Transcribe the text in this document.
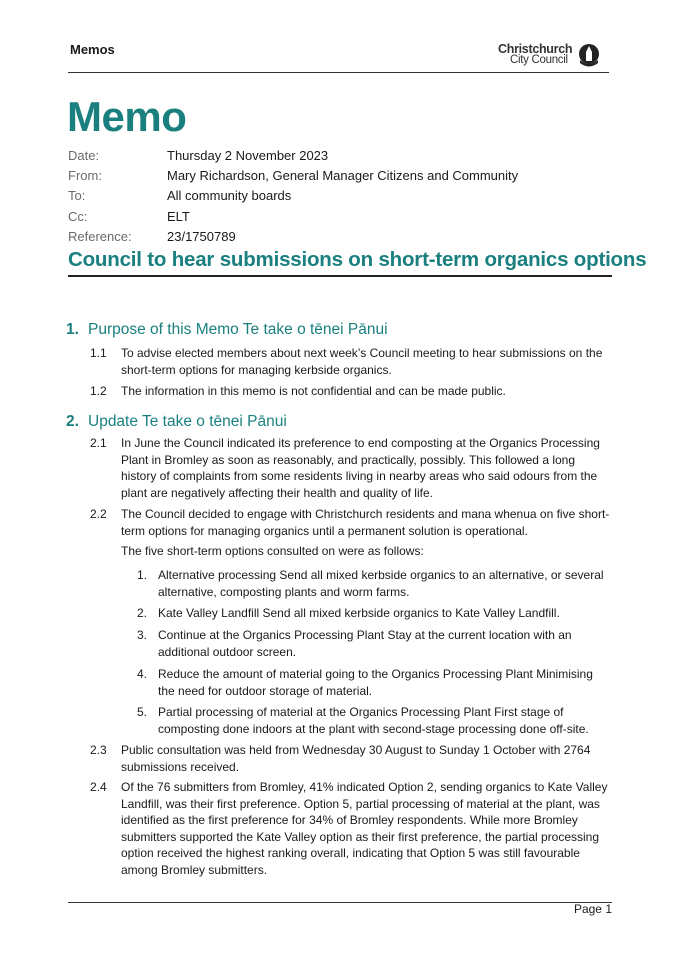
Memos	Christchurch
City Council
Memo
Date:	Thursday 2 November 2023
From:	Mary Richardson, General Manager Citizens and Community
To:	All community boards
Cc:	ELT
Reference:	23/1750789
Council to hear submissions on short-term organics options
1. Purpose of this Memo Te take o tēnei Pānui
1.1 To advise elected members about next week’s Council meeting to hear submissions on the short-term options for managing kerbside organics.
1.2 The information in this memo is not confidential and can be made public.
2. Update Te take o tēnei Pānui
2.1 In June the Council indicated its preference to end composting at the Organics Processing Plant in Bromley as soon as reasonably, and practically, possibly. This followed a long history of complaints from some residents living in nearby areas who said odours from the plant are negatively affecting their health and quality of life.
2.2 The Council decided to engage with Christchurch residents and mana whenua on five short-term options for managing organics until a permanent solution is operational.
The five short-term options consulted on were as follows:
1. Alternative processing Send all mixed kerbside organics to an alternative, or several alternative, composting plants and worm farms.
2. Kate Valley Landfill Send all mixed kerbside organics to Kate Valley Landfill.
3. Continue at the Organics Processing Plant Stay at the current location with an additional outdoor screen.
4. Reduce the amount of material going to the Organics Processing Plant Minimising the need for outdoor storage of material.
5. Partial processing of material at the Organics Processing Plant First stage of composting done indoors at the plant with second-stage processing done off-site.
2.3 Public consultation was held from Wednesday 30 August to Sunday 1 October with 2764 submissions received.
2.4 Of the 76 submitters from Bromley, 41% indicated Option 2, sending organics to Kate Valley Landfill, was their first preference. Option 5, partial processing of material at the plant, was identified as the first preference for 34% of Bromley respondents. While more Bromley submitters supported the Kate Valley option as their first preference, the partial processing option received the highest ranking overall, indicating that Option 5 was still favourable among Bromley submitters.
Page 1
